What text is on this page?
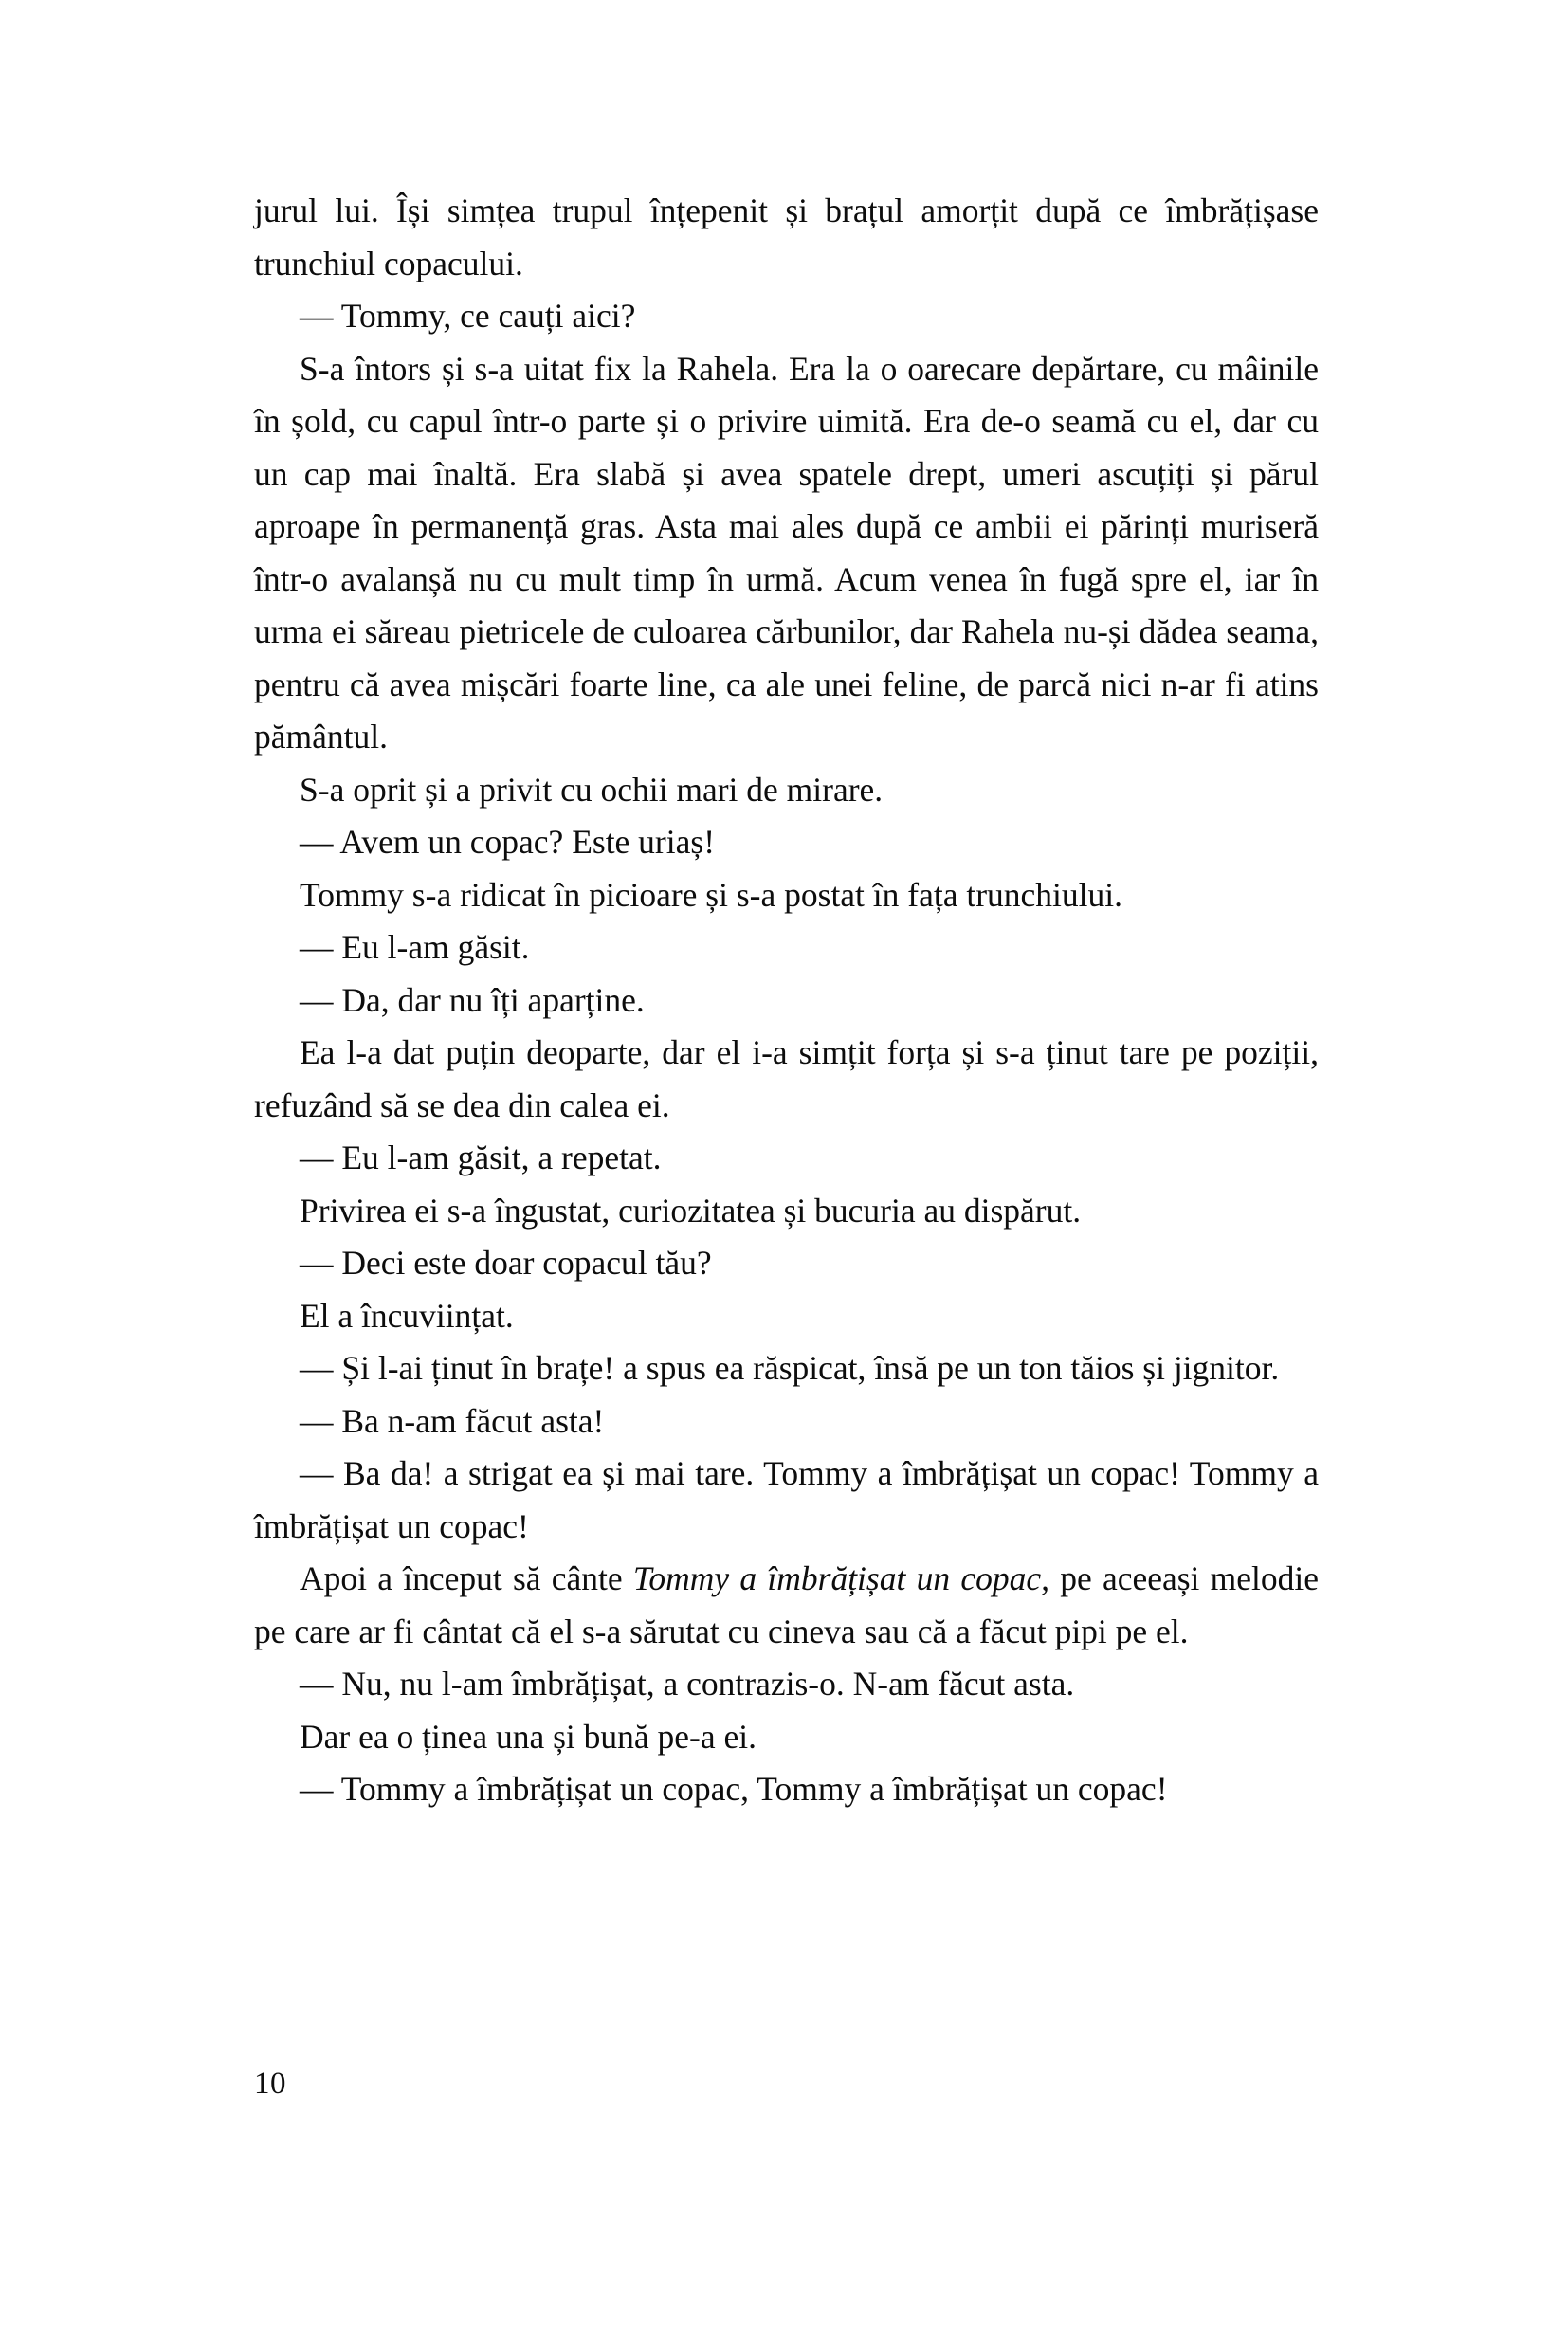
jurul lui. Își simțea trupul înțepenit și brațul amorțit după ce îmbrățișase trunchiul copacului.

— Tommy, ce cauți aici?

S-a întors și s-a uitat fix la Rahela. Era la o oarecare depărtare, cu mâinile în șold, cu capul într-o parte și o privire uimită. Era de-o seamă cu el, dar cu un cap mai înaltă. Era slabă și avea spatele drept, umeri ascuțiți și părul aproape în permanență gras. Asta mai ales după ce ambii ei părinți muriseră într-o avalanșă nu cu mult timp în urmă. Acum venea în fugă spre el, iar în urma ei săreau pietricele de culoarea cărbunilor, dar Rahela nu-și dădea seama, pentru că avea mișcări foarte line, ca ale unei feline, de parcă nici n-ar fi atins pământul.

S-a oprit și a privit cu ochii mari de mirare.

— Avem un copac? Este uriaș!

Tommy s-a ridicat în picioare și s-a postat în fața trunchiului.

— Eu l-am găsit.

— Da, dar nu îți aparține.

Ea l-a dat puțin deoparte, dar el i-a simțit forța și s-a ținut tare pe poziții, refuzând să se dea din calea ei.

— Eu l-am găsit, a repetat.

Privirea ei s-a îngustat, curiozitatea și bucuria au dispărut.

— Deci este doar copacul tău?

El a încuviințat.

— Și l-ai ținut în brațe! a spus ea răspicat, însă pe un ton tăios și jignitor.

— Ba n-am făcut asta!

— Ba da! a strigat ea și mai tare. Tommy a îmbrățișat un copac! Tommy a îmbrățișat un copac!

Apoi a început să cânte Tommy a îmbrățișat un copac, pe aceeași melodie pe care ar fi cântat că el s-a sărutat cu cineva sau că a făcut pipi pe el.

— Nu, nu l-am îmbrățișat, a contrazis-o. N-am făcut asta.

Dar ea o ținea una și bună pe-a ei.

— Tommy a îmbrățișat un copac, Tommy a îmbrățișat un copac!

10
